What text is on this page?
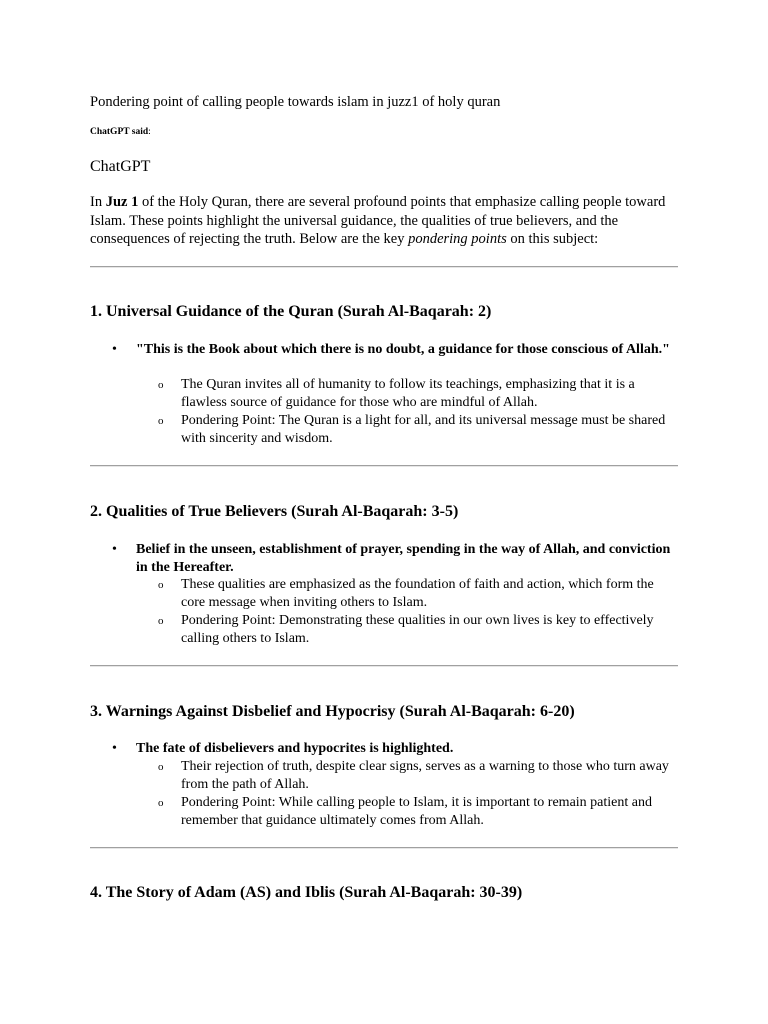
Pondering point of calling people towards islam in juzz1 of holy quran
ChatGPT said:
ChatGPT
In Juz 1 of the Holy Quran, there are several profound points that emphasize calling people toward Islam. These points highlight the universal guidance, the qualities of true believers, and the consequences of rejecting the truth. Below are the key pondering points on this subject:
1. Universal Guidance of the Quran (Surah Al-Baqarah: 2)
• "This is the Book about which there is no doubt, a guidance for those conscious of Allah."
o The Quran invites all of humanity to follow its teachings, emphasizing that it is a flawless source of guidance for those who are mindful of Allah.
o Pondering Point: The Quran is a light for all, and its universal message must be shared with sincerity and wisdom.
2. Qualities of True Believers (Surah Al-Baqarah: 3-5)
• Belief in the unseen, establishment of prayer, spending in the way of Allah, and conviction in the Hereafter.
o These qualities are emphasized as the foundation of faith and action, which form the core message when inviting others to Islam.
o Pondering Point: Demonstrating these qualities in our own lives is key to effectively calling others to Islam.
3. Warnings Against Disbelief and Hypocrisy (Surah Al-Baqarah: 6-20)
• The fate of disbelievers and hypocrites is highlighted.
o Their rejection of truth, despite clear signs, serves as a warning to those who turn away from the path of Allah.
o Pondering Point: While calling people to Islam, it is important to remain patient and remember that guidance ultimately comes from Allah.
4. The Story of Adam (AS) and Iblis (Surah Al-Baqarah: 30-39)
